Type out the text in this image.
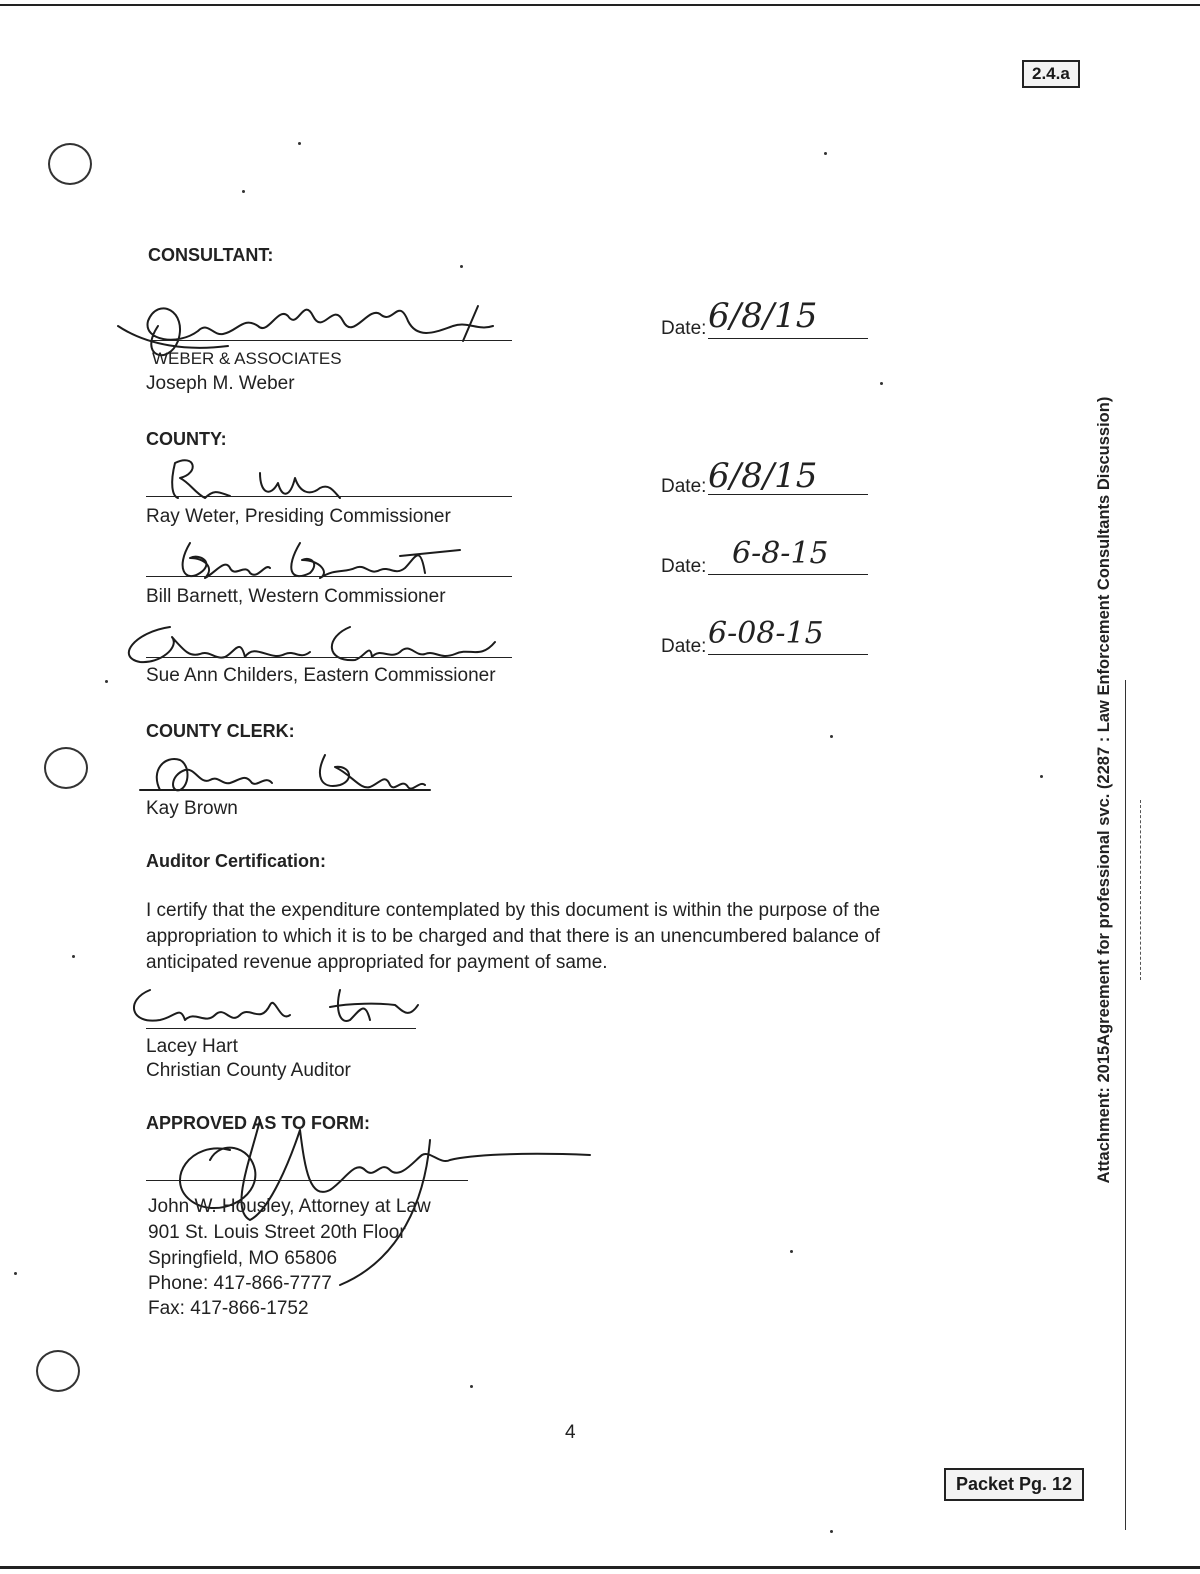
2.4.a
CONSULTANT:
WEBER & ASSOCIATES
Joseph M. Weber
Date: 6/8/15
COUNTY:
Ray Weter, Presiding Commissioner
Date: 6/8/15
Bill Barnett, Western Commissioner
Date: 6-8-15
Sue Ann Childers, Eastern Commissioner
Date: 6-08-15
COUNTY CLERK:
Kay Brown
Auditor Certification:
I certify that the expenditure contemplated by this document is within the purpose of the
appropriation to which it is to be charged and that there is an unencumbered balance of
anticipated revenue appropriated for payment of same.
Lacey Hart
Christian County Auditor
APPROVED AS TO FORM:
John W. Housley, Attorney at Law
901 St. Louis Street 20th Floor
Springfield, MO 65806
Phone: 417-866-7777
Fax: 417-866-1752
4
Packet Pg. 12
Attachment: 2015Agreement for professional svc. (2287 : Law Enforcement Consultants Discussion)
